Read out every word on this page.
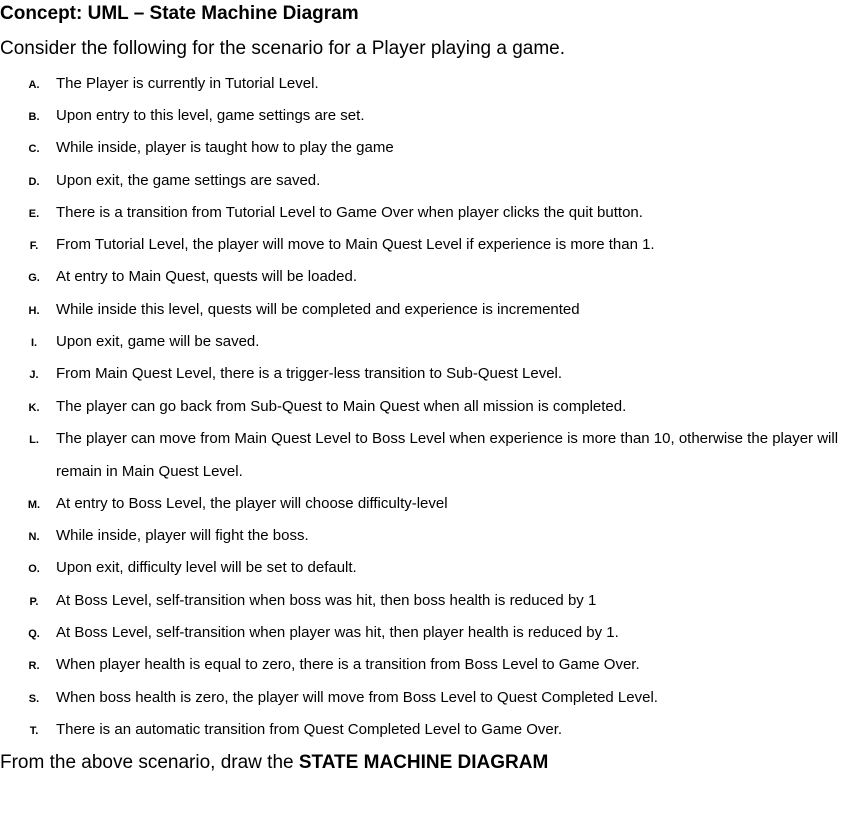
Concept: UML – State Machine Diagram
Consider the following for the scenario for a Player playing a game.
A.	The Player is currently in Tutorial Level.
B.	Upon entry to this level, game settings are set.
C.	While inside, player is taught how to play the game
D.	Upon exit, the game settings are saved.
E.	There is a transition from Tutorial Level to Game Over when player clicks the quit button.
F.	From Tutorial Level, the player will move to Main Quest Level if experience is more than 1.
G. At entry to Main Quest, quests will be loaded.
H.	While inside this level, quests will be completed and experience is incremented
I.	Upon exit, game will be saved.
J.	From Main Quest Level, there is a trigger-less transition to Sub-Quest Level.
K.	The player can go back from Sub-Quest to Main Quest when all mission is completed.
L.	The player can move from Main Quest Level to Boss Level when experience is more than 10, otherwise the player will remain in Main Quest Level.
M. At entry to Boss Level, the player will choose difficulty-level
N.	While inside, player will fight the boss.
O. Upon exit, difficulty level will be set to default.
P.	At Boss Level, self-transition when boss was hit, then boss health is reduced by 1
Q. At Boss Level, self-transition when player was hit, then player health is reduced by 1.
R.	When player health is equal to zero, there is a transition from Boss Level to Game Over.
S.	When boss health is zero, the player will move from Boss Level to Quest Completed Level.
T.	There is an automatic transition from Quest Completed Level to Game Over.
From the above scenario, draw the STATE MACHINE DIAGRAM
